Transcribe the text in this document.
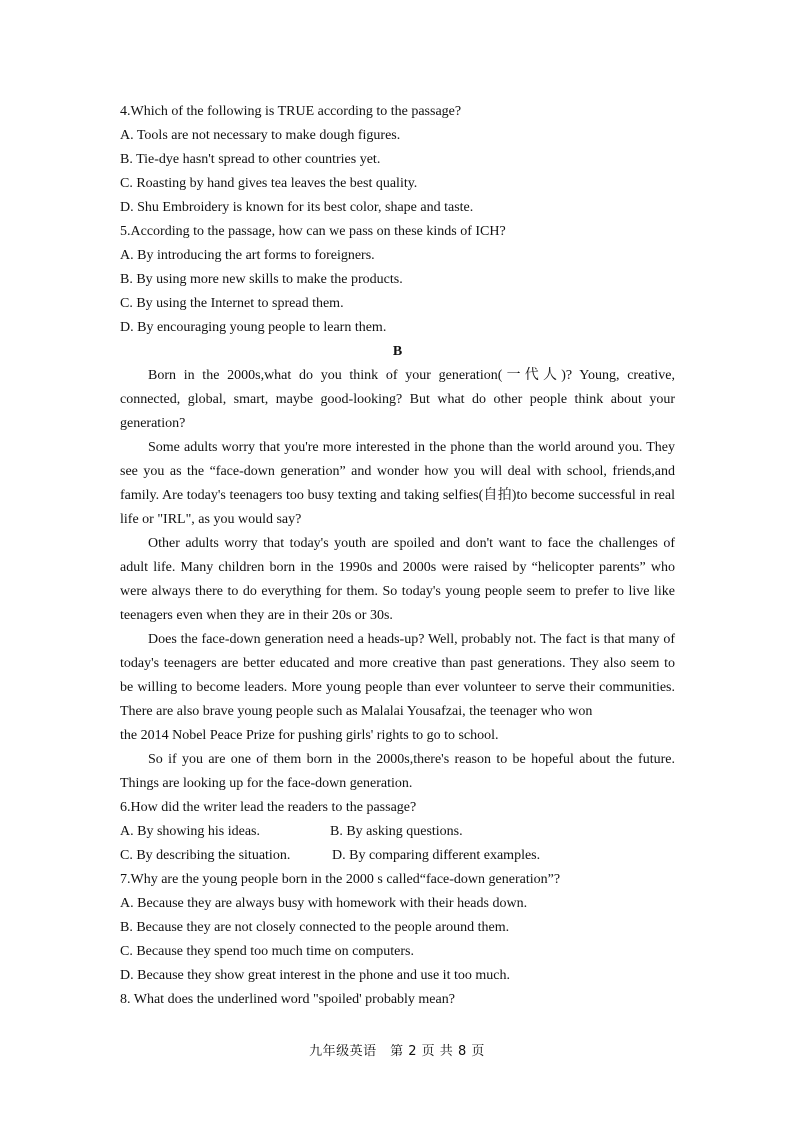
4.Which of the following is TRUE according to the passage?
A. Tools are not necessary to make dough figures.
B. Tie-dye hasn't spread to other countries yet.
C. Roasting by hand gives tea leaves the best quality.
D. Shu Embroidery is known for its best color, shape and taste.
5.According to the passage, how can we pass on these kinds of ICH?
A. By introducing the art forms to foreigners.
B. By using more new skills to make the products.
C. By using the Internet to spread them.
D. By encouraging young people to learn them.
B
Born in the 2000s,what do you think of your generation(一代人)? Young, creative, connected, global, smart, maybe good-looking? But what do other people think about your generation?
Some adults worry that you're more interested in the phone than the world around you. They see you as the “face-down generation” and wonder how you will deal with school, friends,and family. Are today's teenagers too busy texting and taking selfies(自拍)to become successful in real life or "IRL", as you would say?
Other adults worry that today's youth are spoiled and don't want to face the challenges of adult life. Many children born in the 1990s and 2000s were raised by “helicopter parents” who were always there to do everything for them. So today's young people seem to prefer to live like teenagers even when they are in their 20s or 30s.
Does the face-down generation need a heads-up? Well, probably not. The fact is that many of today's teenagers are better educated and more creative than past generations. They also seem to be willing to become leaders. More young people than ever volunteer to serve their communities. There are also brave young people such as Malalai Yousafzai, the teenager who won
the 2014 Nobel Peace Prize for pushing girls' rights to go to school.
So if you are one of them born in the 2000s,there's reason to be hopeful about the future. Things are looking up for the face-down generation.
6.How did the writer lead the readers to the passage?
A. By showing his ideas.	B. By asking questions.
C. By describing the situation.	D. By comparing different examples.
7.Why are the young people born in the 2000 s called“face-down generation”?
A. Because they are always busy with homework with their heads down.
B. Because they are not closely connected to the people around them.
C. Because they spend too much time on computers.
D. Because they show great interest in the phone and use it too much.
8. What does the underlined word "spoiled' probably mean?
九年级英语　第 2 页 共 8 页
